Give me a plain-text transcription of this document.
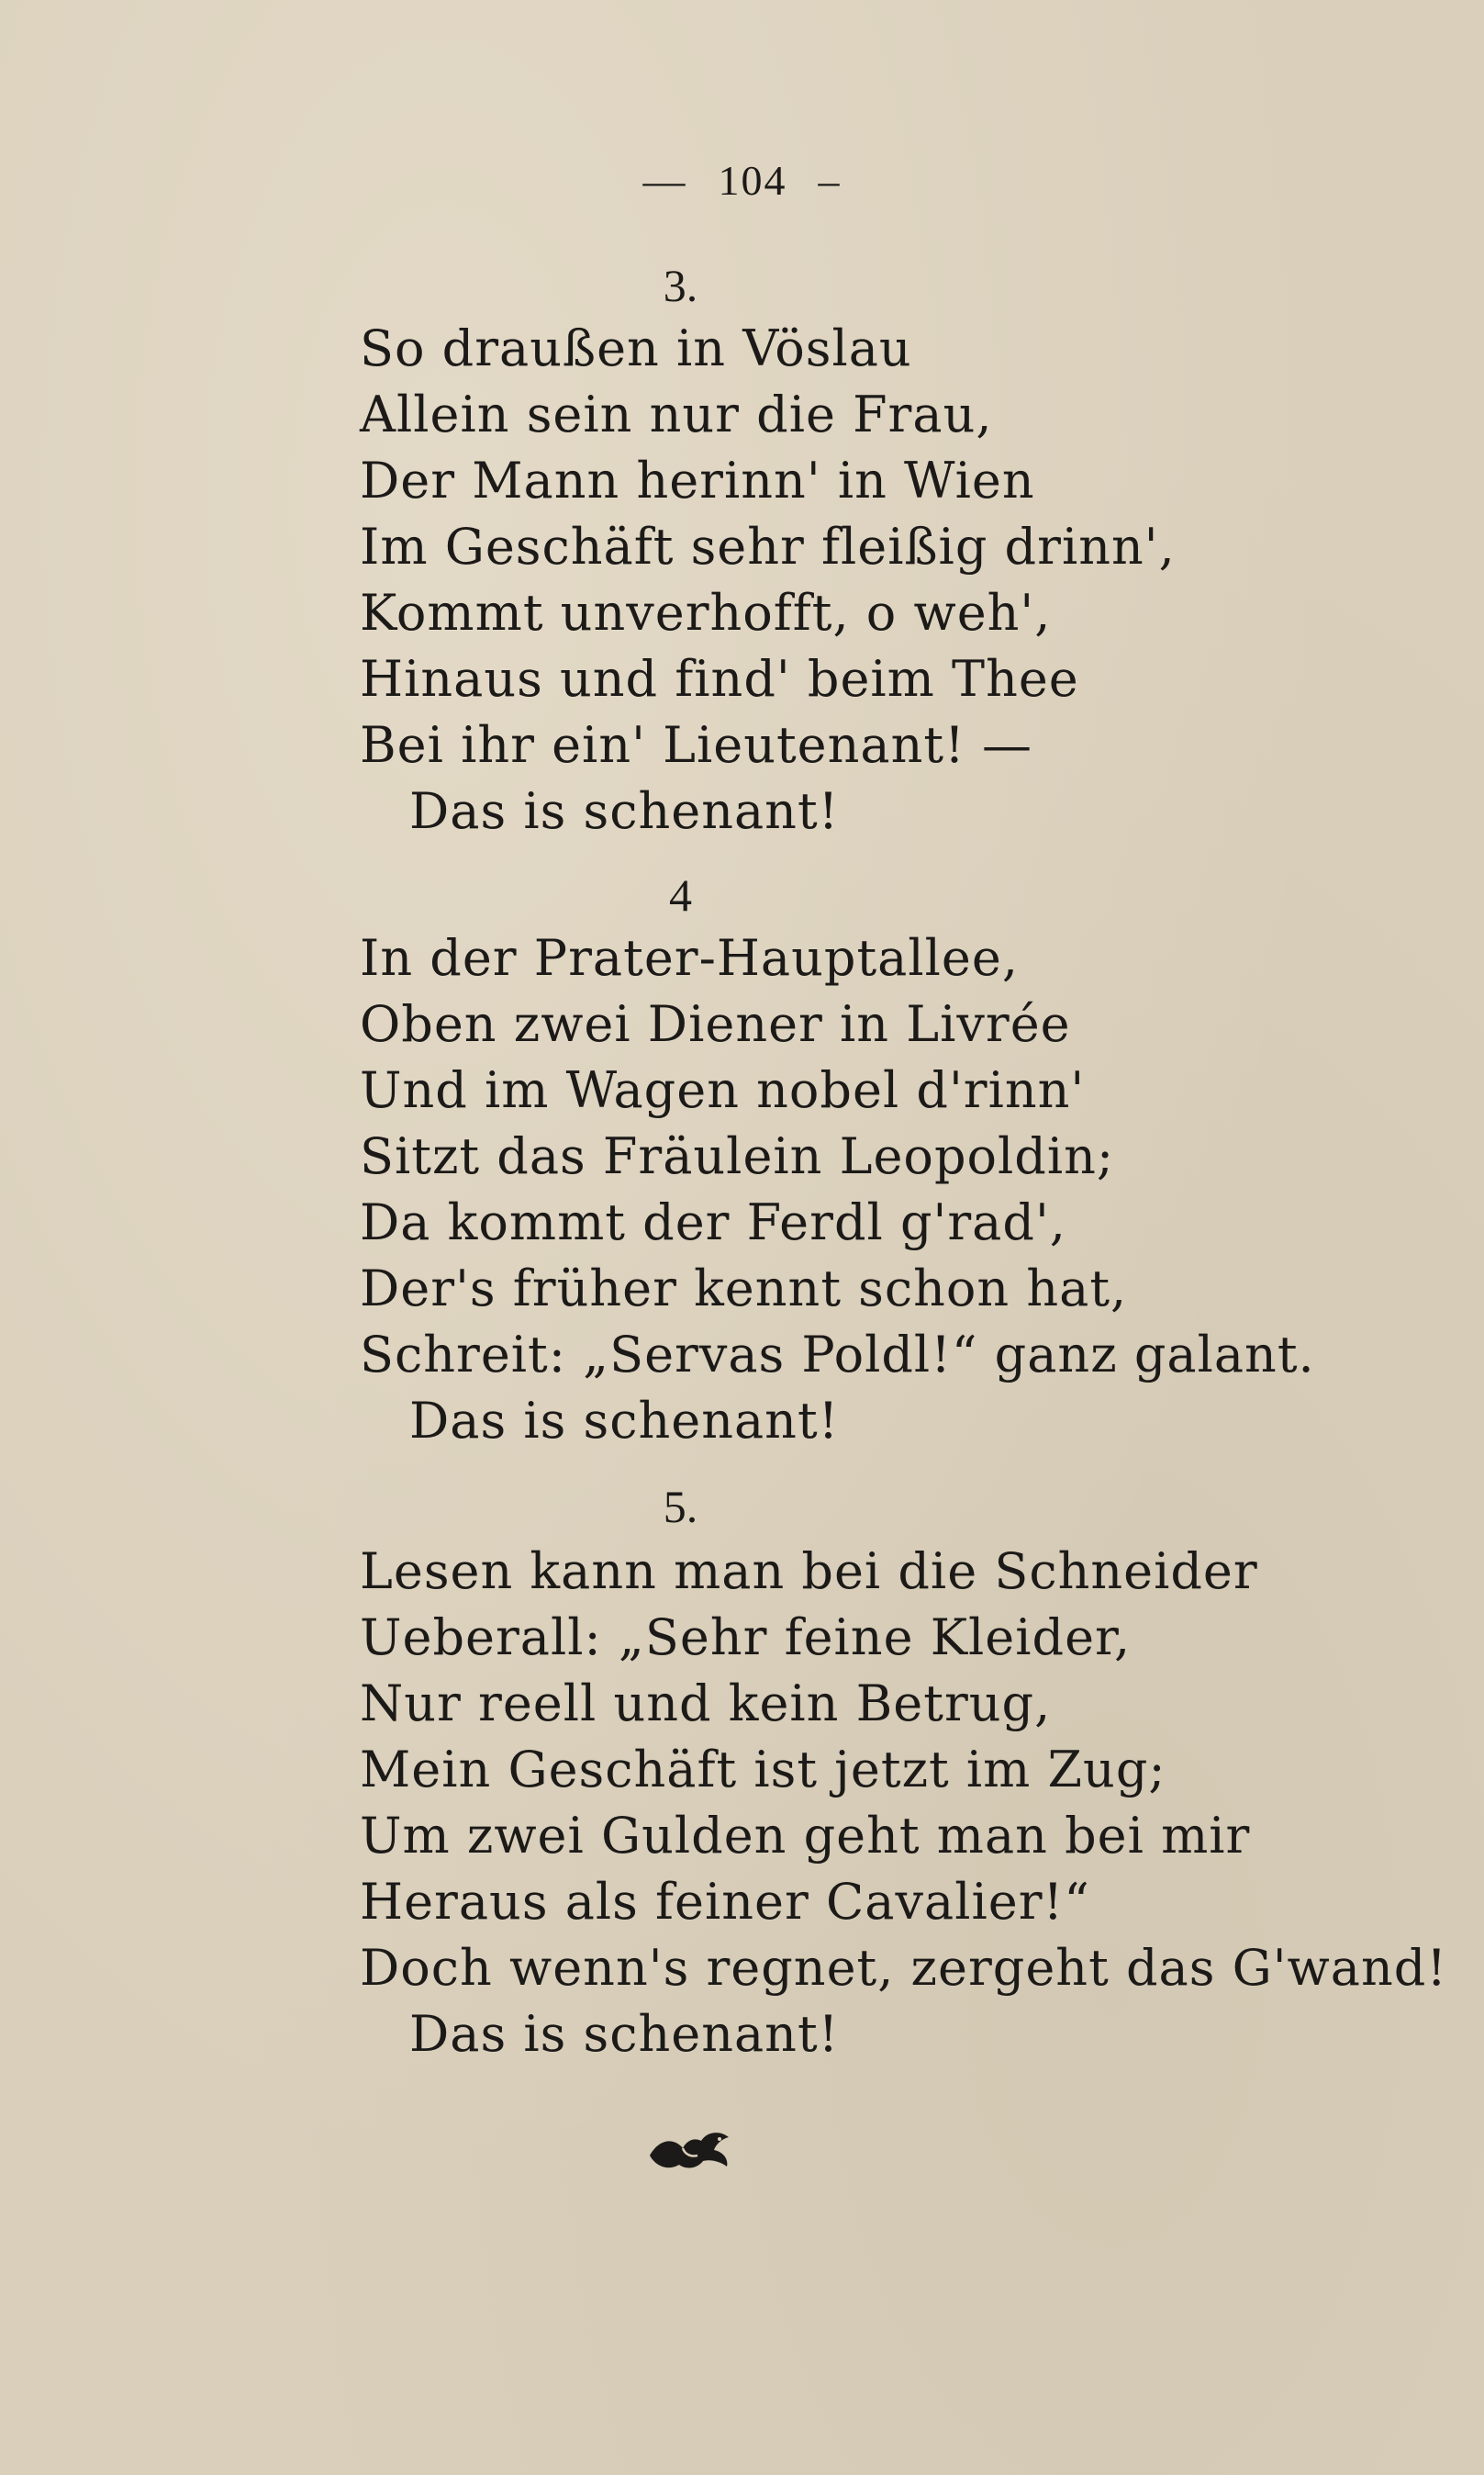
— 104 –
3.
So draußen in Vöslau
Allein sein nur die Frau,
Der Mann herinn' in Wien
Im Geschäft sehr fleißig drinn',
Kommt unverhofft, o weh',
Hinaus und find' beim Thee
Bei ihr ein' Lieutenant! —
Das is schenant!
4
In der Prater-Hauptallee,
Oben zwei Diener in Livrée
Und im Wagen nobel d'rinn'
Sitzt das Fräulein Leopoldin;
Da kommt der Ferdl g'rad',
Der's früher kennt schon hat,
Schreit: „Servas Poldl!“ ganz galant.
Das is schenant!
5.
Lesen kann man bei die Schneider
Ueberall: „Sehr feine Kleider,
Nur reell und kein Betrug,
Mein Geschäft ist jetzt im Zug;
Um zwei Gulden geht man bei mir
Heraus als feiner Cavalier!“
Doch wenn's regnet, zergeht das G'wand!
Das is schenant!
